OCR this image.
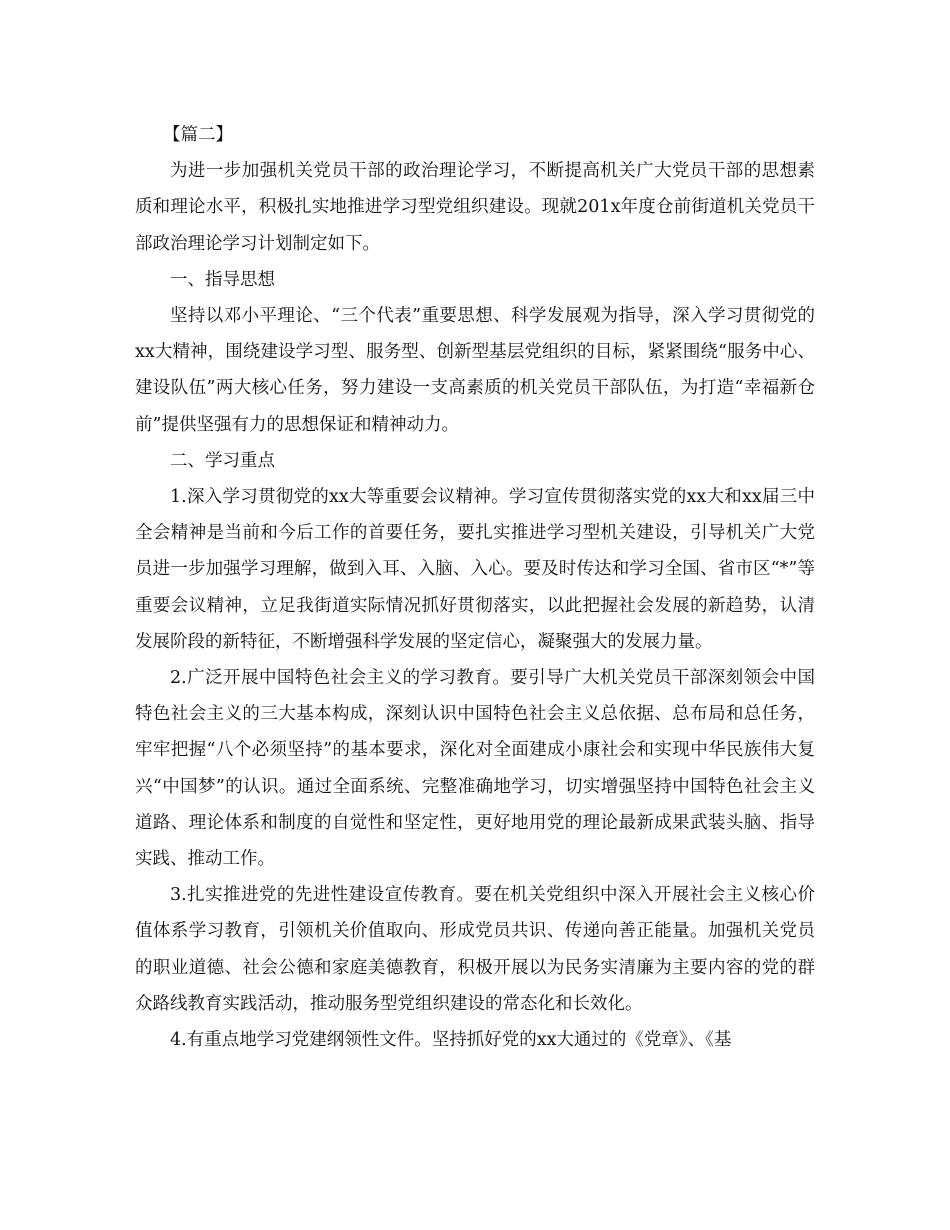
【篇二】

为进一步加强机关党员干部的政治理论学习，不断提高机关广大党员干部的思想素质和理论水平，积极扎实地推进学习型党组织建设。现就201x年度仓前街道机关党员干部政治理论学习计划制定如下。

一、指导思想

坚持以邓小平理论、“三个代表”重要思想、科学发展观为指导，深入学习贯彻党的xx大精神，围绕建设学习型、服务型、创新型基层党组织的目标，紧紧围绕“服务中心、建设队伍”两大核心任务，努力建设一支高素质的机关党员干部队伍，为打造“幸福新仓前”提供坚强有力的思想保证和精神动力。

二、学习重点

1.深入学习贯彻党的xx大等重要会议精神。学习宣传贯彻落实党的xx大和xx届三中全会精神是当前和今后工作的首要任务，要扎实推进学习型机关建设，引导机关广大党员进一步加强学习理解，做到入耳、入脑、入心。要及时传达和学习全国、省市区“*”等重要会议精神，立足我街道实际情况抓好贯彻落实，以此把握社会发展的新趋势，认清发展阶段的新特征，不断增强科学发展的坚定信心，凝聚强大的发展力量。

2.广泛开展中国特色社会主义的学习教育。要引导广大机关党员干部深刻领会中国特色社会主义的三大基本构成，深刻认识中国特色社会主义总依据、总布局和总任务，牢牢把握“八个必须坚持”的基本要求，深化对全面建成小康社会和实现中华民族伟大复兴“中国梦”的认识。通过全面系统、完整准确地学习，切实增强坚持中国特色社会主义道路、理论体系和制度的自觉性和坚定性，更好地用党的理论最新成果武装头脑、指导实践、推动工作。

3.扎实推进党的先进性建设宣传教育。要在机关党组织中深入开展社会主义核心价值体系学习教育，引领机关价值取向、形成党员共识、传递向善正能量。加强机关党员的职业道德、社会公德和家庭美德教育，积极开展以为民务实清廉为主要内容的党的群众路线教育实践活动，推动服务型党组织建设的常态化和长效化。

4.有重点地学习党建纲领性文件。坚持抓好党的xx大通过的《党章》、《基
